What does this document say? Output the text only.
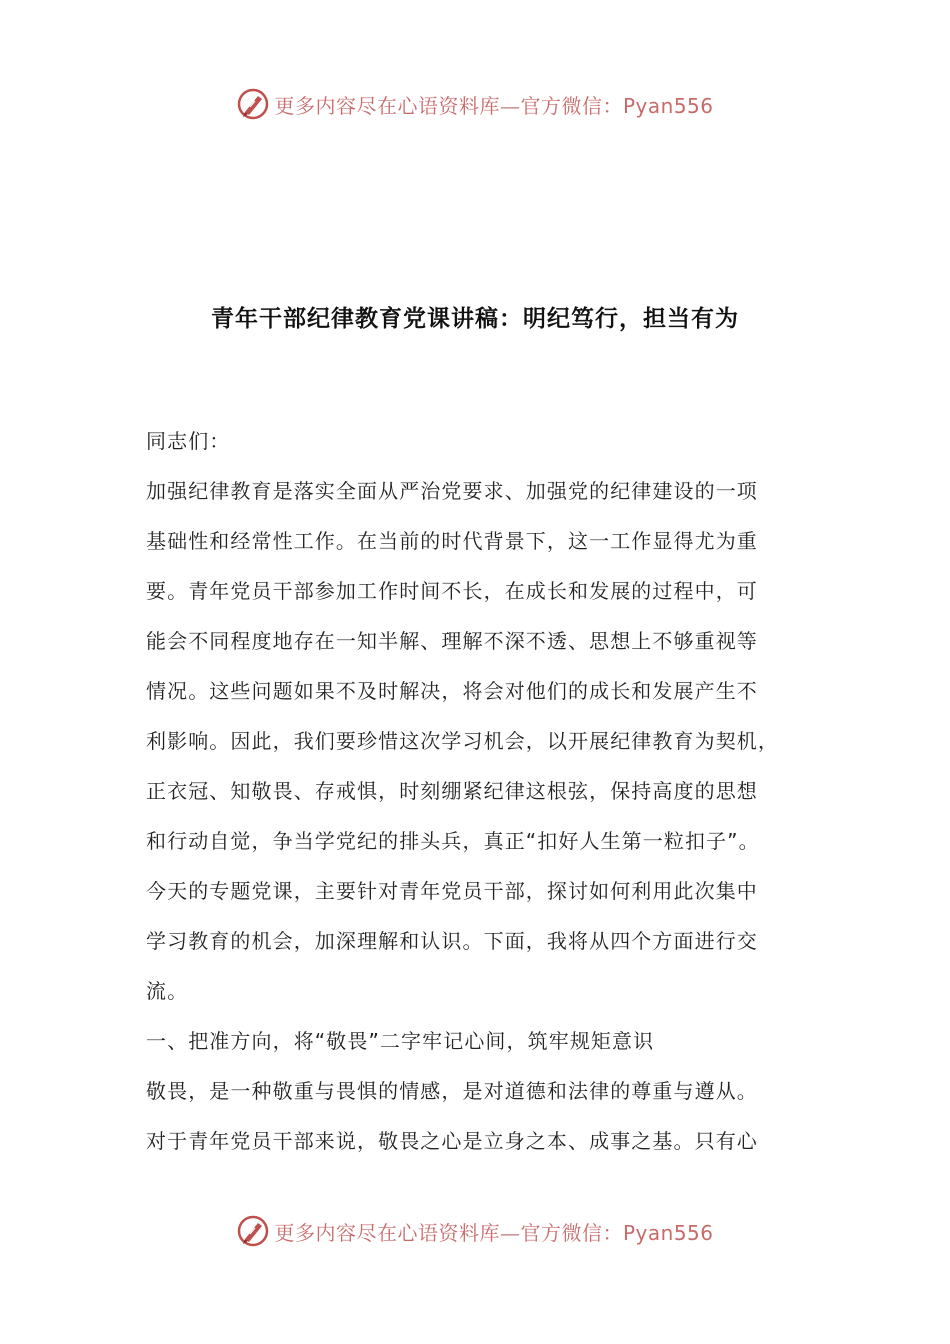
更多内容尽在心语资料库—官方微信：Pyan556
青年干部纪律教育党课讲稿：明纪笃行，担当有为
同志们：
加强纪律教育是落实全面从严治党要求、加强党的纪律建设的一项
基础性和经常性工作。在当前的时代背景下，这一工作显得尤为重
要。青年党员干部参加工作时间不长，在成长和发展的过程中，可
能会不同程度地存在一知半解、理解不深不透、思想上不够重视等
情况。这些问题如果不及时解决，将会对他们的成长和发展产生不
利影响。因此，我们要珍惜这次学习机会，以开展纪律教育为契机，
正衣冠、知敬畏、存戒惧，时刻绷紧纪律这根弦，保持高度的思想
和行动自觉，争当学党纪的排头兵，真正“扣好人生第一粒扣子”。
今天的专题党课，主要针对青年党员干部，探讨如何利用此次集中
学习教育的机会，加深理解和认识。下面，我将从四个方面进行交
流。
一、把准方向，将“敬畏”二字牢记心间，筑牢规矩意识
敬畏，是一种敬重与畏惧的情感，是对道德和法律的尊重与遵从。
对于青年党员干部来说，敬畏之心是立身之本、成事之基。只有心
更多内容尽在心语资料库—官方微信：Pyan556
